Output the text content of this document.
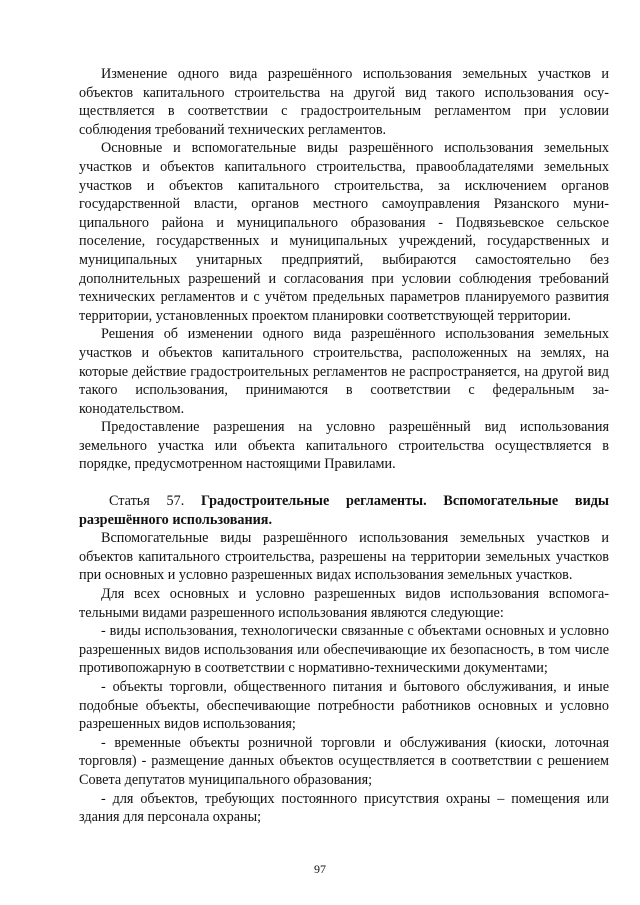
Изменение одного вида разрешённого использования земельных участков и объектов капитального строительства на другой вид такого использования осуществляется в соответствии с градостроительным регламентом при условии соблюдения требований технических регламентов.

Основные и вспомогательные виды разрешённого использования земельных участков и объектов капитального строительства, правообладателями земельных участков и объектов капитального строительства, за исключением органов государственной власти, органов местного самоуправления Рязанского муниципального района и муниципального образования - Подвязьевское сельское поселение, государственных и муниципальных учреждений, государственных и муниципальных унитарных предприятий, выбираются самостоятельно без дополнительных разрешений и согласования при условии соблюдения требований технических регламентов и с учётом предельных параметров планируемого развития территории, установленных проектом планировки соответствующей территории.

Решения об изменении одного вида разрешённого использования земельных участков и объектов капитального строительства, расположенных на землях, на которые действие градостроительных регламентов не распространяется, на другой вид такого использования, принимаются в соответствии с федеральным законодательством.

Предоставление разрешения на условно разрешённый вид использования земельного участка или объекта капитального строительства осуществляется в порядке, предусмотренном настоящими Правилами.

Статья 57. Градостроительные регламенты. Вспомогательные виды разрешённого использования.

Вспомогательные виды разрешённого использования земельных участков и объектов капитального строительства, разрешены на территории земельных участков при основных и условно разрешенных видах использования земельных участков.

Для всех основных и условно разрешенных видов использования вспомогательными видами разрешенного использования являются следующие:

- виды использования, технологически связанные с объектами основных и условно разрешенных видов использования или обеспечивающие их безопасность, в том числе противопожарную в соответствии с нормативно-техническими документами;

- объекты торговли, общественного питания и бытового обслуживания, и иные подобные объекты, обеспечивающие потребности работников основных и условно разрешенных видов использования;

- временные объекты розничной торговли и обслуживания (киоски, лоточная торговля) - размещение данных объектов осуществляется в соответствии с решением Совета депутатов муниципального образования;

- для объектов, требующих постоянного присутствия охраны – помещения или здания для персонала охраны;

97
